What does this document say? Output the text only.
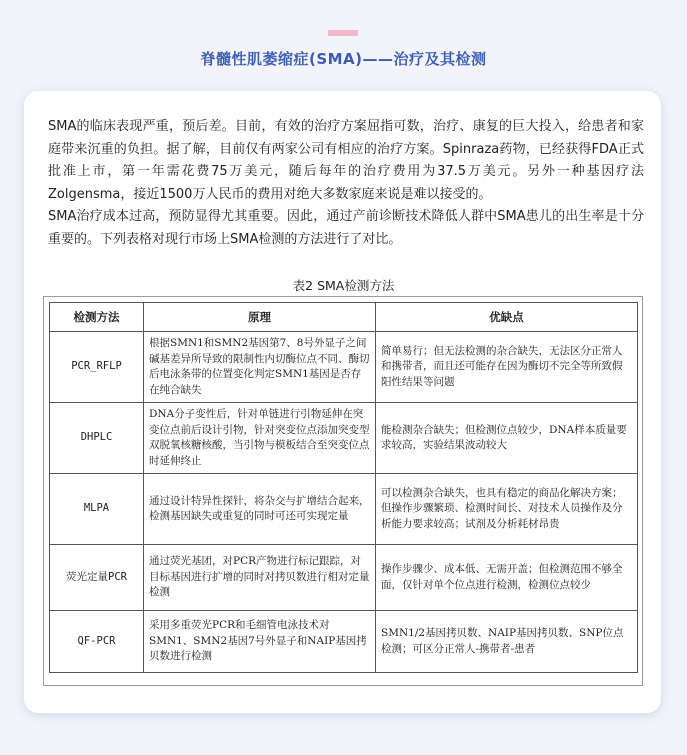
脊髓性肌萎缩症(SMA)——治疗及其检测

SMA的临床表现严重，预后差。目前，有效的治疗方案屈指可数，治疗、康复的巨大投入，给患者和家庭带来沉重的负担。据了解，目前仅有两家公司有相应的治疗方案。Spinraza药物，已经获得FDA正式批准上市，第一年需花费75万美元，随后每年的治疗费用为37.5万美元。另外一种基因疗法Zolgensma，接近1500万人民币的费用对绝大多数家庭来说是难以接受的。

SMA治疗成本过高，预防显得尤其重要。因此，通过产前诊断技术降低人群中SMA患儿的出生率是十分重要的。下列表格对现行市场上SMA检测的方法进行了对比。

表2 SMA检测方法
检测方法	原理	优缺点
PCR_RFLP	根据SMN1和SMN2基因第7、8号外显子之间碱基差异所导致的限制性内切酶位点不同、酶切后电泳条带的位置变化判定SMN1基因是否存在纯合缺失	简单易行；但无法检测的杂合缺失，无法区分正常人和携带者，而且还可能存在因为酶切不完全等所致假阳性结果等问题
DHPLC	DNA分子变性后，针对单链进行引物延伸在突变位点前后设计引物，针对突变位点添加突变型双脱氧核糖核酸，当引物与模板结合至突变位点时延伸终止	能检测杂合缺失；但检测位点较少，DNA样本质量要求较高，实验结果波动较大
MLPA	通过设计特异性探针，将杂交与扩增结合起来，检测基因缺失或重复的同时可还可实现定量	可以检测杂合缺失，也具有稳定的商品化解决方案；但操作步骤繁琐、检测时间长、对技术人员操作及分析能力要求较高；试剂及分析耗材昂贵
荧光定量PCR	通过荧光基团，对PCR产物进行标记跟踪，对目标基因进行扩增的同时对拷贝数进行相对定量检测	操作步骤少、成本低、无需开盖；但检测范围不够全面，仅针对单个位点进行检测，检测位点较少
QF-PCR	采用多重荧光PCR和毛细管电泳技术对SMN1、SMN2基因7号外显子和NAIP基因拷贝数进行检测	SMN1/2基因拷贝数、NAIP基因拷贝数、SNP位点检测；可区分正常人-携带者-患者
